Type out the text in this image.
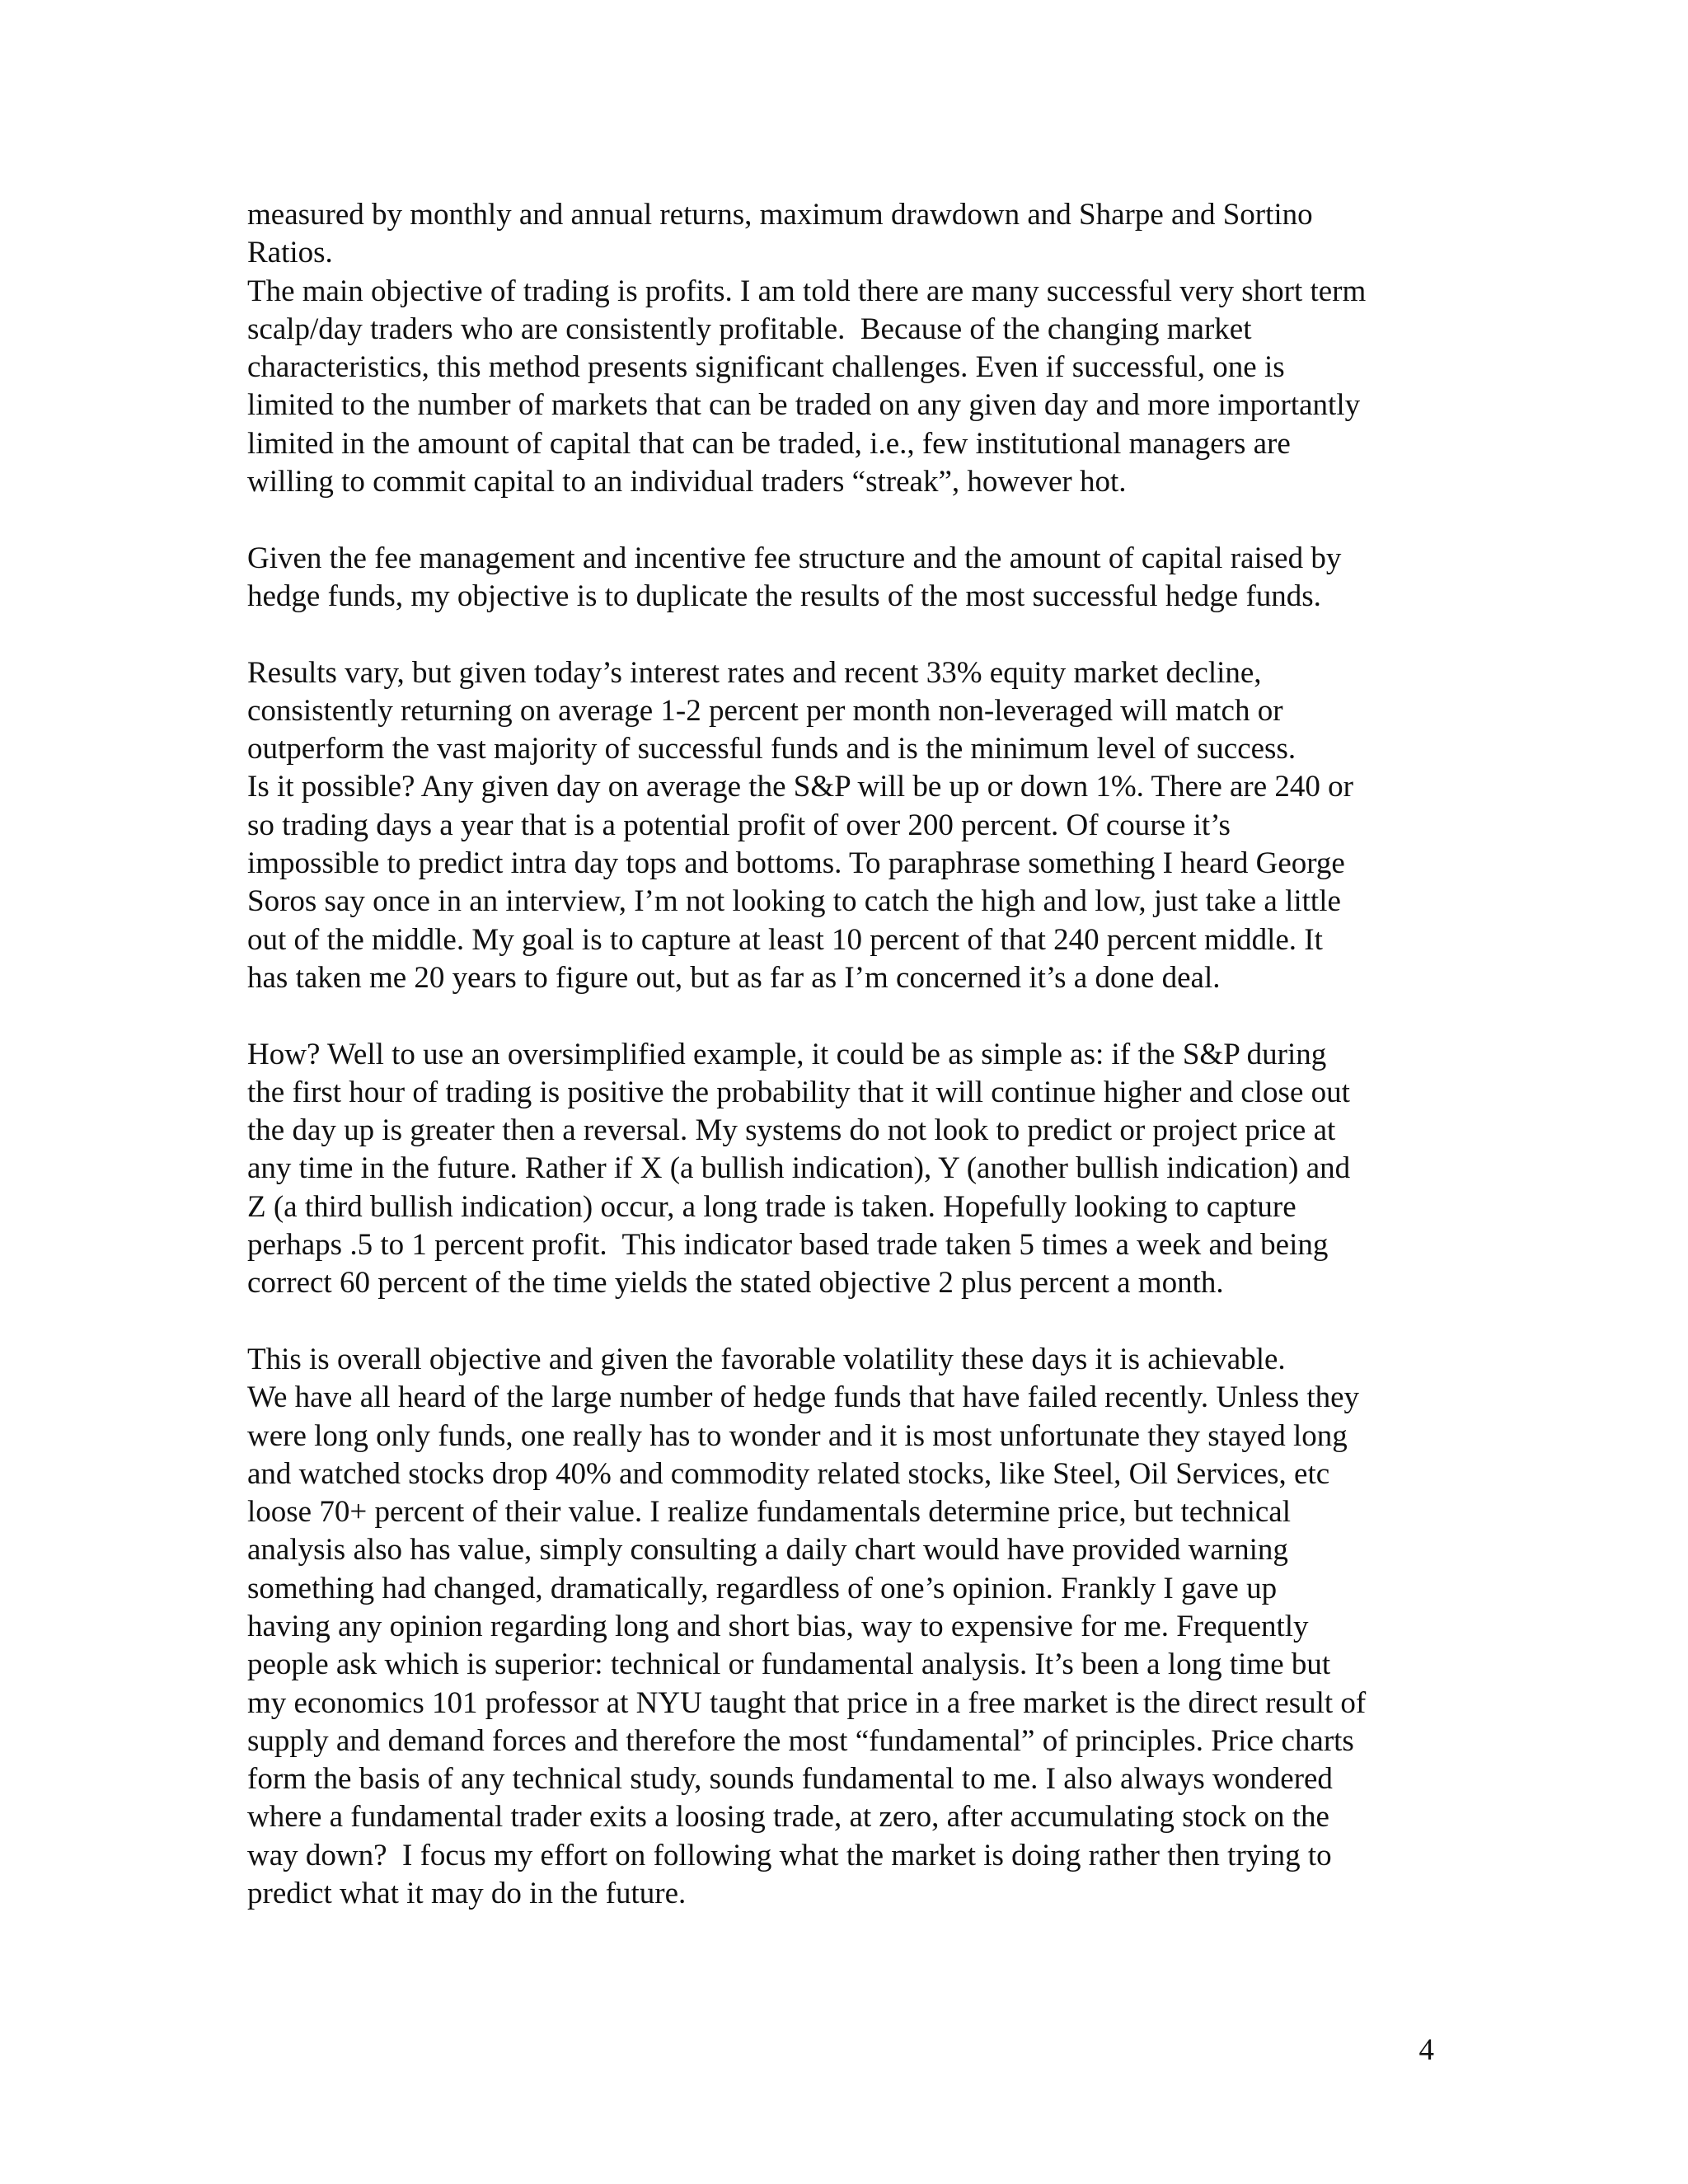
measured by monthly and annual returns, maximum drawdown and Sharpe and Sortino
Ratios.
The main objective of trading is profits. I am told there are many successful very short term
scalp/day traders who are consistently profitable.  Because of the changing market
characteristics, this method presents significant challenges. Even if successful, one is
limited to the number of markets that can be traded on any given day and more importantly
limited in the amount of capital that can be traded, i.e., few institutional managers are
willing to commit capital to an individual traders “streak”, however hot.
Given the fee management and incentive fee structure and the amount of capital raised by
hedge funds, my objective is to duplicate the results of the most successful hedge funds.
Results vary, but given today’s interest rates and recent 33% equity market decline,
consistently returning on average 1-2 percent per month non-leveraged will match or
outperform the vast majority of successful funds and is the minimum level of success.
Is it possible? Any given day on average the S&P will be up or down 1%. There are 240 or
so trading days a year that is a potential profit of over 200 percent. Of course it’s
impossible to predict intra day tops and bottoms. To paraphrase something I heard George
Soros say once in an interview, I’m not looking to catch the high and low, just take a little
out of the middle. My goal is to capture at least 10 percent of that 240 percent middle. It
has taken me 20 years to figure out, but as far as I’m concerned it’s a done deal.
How? Well to use an oversimplified example, it could be as simple as: if the S&P during
the first hour of trading is positive the probability that it will continue higher and close out
the day up is greater then a reversal. My systems do not look to predict or project price at
any time in the future. Rather if X (a bullish indication), Y (another bullish indication) and
Z (a third bullish indication) occur, a long trade is taken. Hopefully looking to capture
perhaps .5 to 1 percent profit.  This indicator based trade taken 5 times a week and being
correct 60 percent of the time yields the stated objective 2 plus percent a month.
This is overall objective and given the favorable volatility these days it is achievable.
We have all heard of the large number of hedge funds that have failed recently. Unless they
were long only funds, one really has to wonder and it is most unfortunate they stayed long
and watched stocks drop 40% and commodity related stocks, like Steel, Oil Services, etc
loose 70+ percent of their value. I realize fundamentals determine price, but technical
analysis also has value, simply consulting a daily chart would have provided warning
something had changed, dramatically, regardless of one’s opinion. Frankly I gave up
having any opinion regarding long and short bias, way to expensive for me. Frequently
people ask which is superior: technical or fundamental analysis. It’s been a long time but
my economics 101 professor at NYU taught that price in a free market is the direct result of
supply and demand forces and therefore the most “fundamental” of principles. Price charts
form the basis of any technical study, sounds fundamental to me. I also always wondered
where a fundamental trader exits a loosing trade, at zero, after accumulating stock on the
way down?  I focus my effort on following what the market is doing rather then trying to
predict what it may do in the future.
4
